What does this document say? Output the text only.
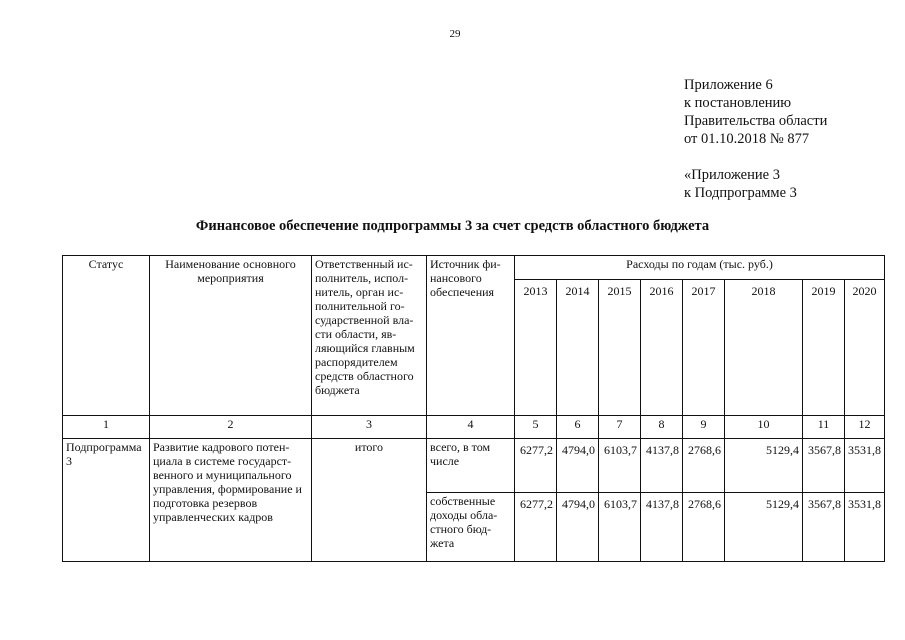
29
Приложение 6
к постановлению
Правительства области
от 01.10.2018 № 877
«Приложение 3
к Подпрограмме 3
Финансовое обеспечение подпрограммы 3 за счет средств областного бюджета
Статус	Наименование основного мероприятия	Ответственный ис-полнитель, испол-нитель, орган ис-полнительной го-сударственной вла-сти области, яв-ляющийся главным распорядителем средств областного бюджета	Источник фи-нансового обеспечения	Расходы по годам (тыс. руб.)							
				2013	2014	2015	2016	2017	2018	2019	2020
1	2	3	4	5	6	7	8	9	10	11	12
Подпрограмма 3	Развитие кадрового потен-циала в системе государст-венного и муниципального управления, формирование и подготовка резервов управленческих кадров	итого	всего, в том числе	6277,2	4794,0	6103,7	4137,8	2768,6	5129,4	3567,8	3531,8
			собственные доходы обла-стного бюд-жета	6277,2	4794,0	6103,7	4137,8	2768,6	5129,4	3567,8	3531,8
